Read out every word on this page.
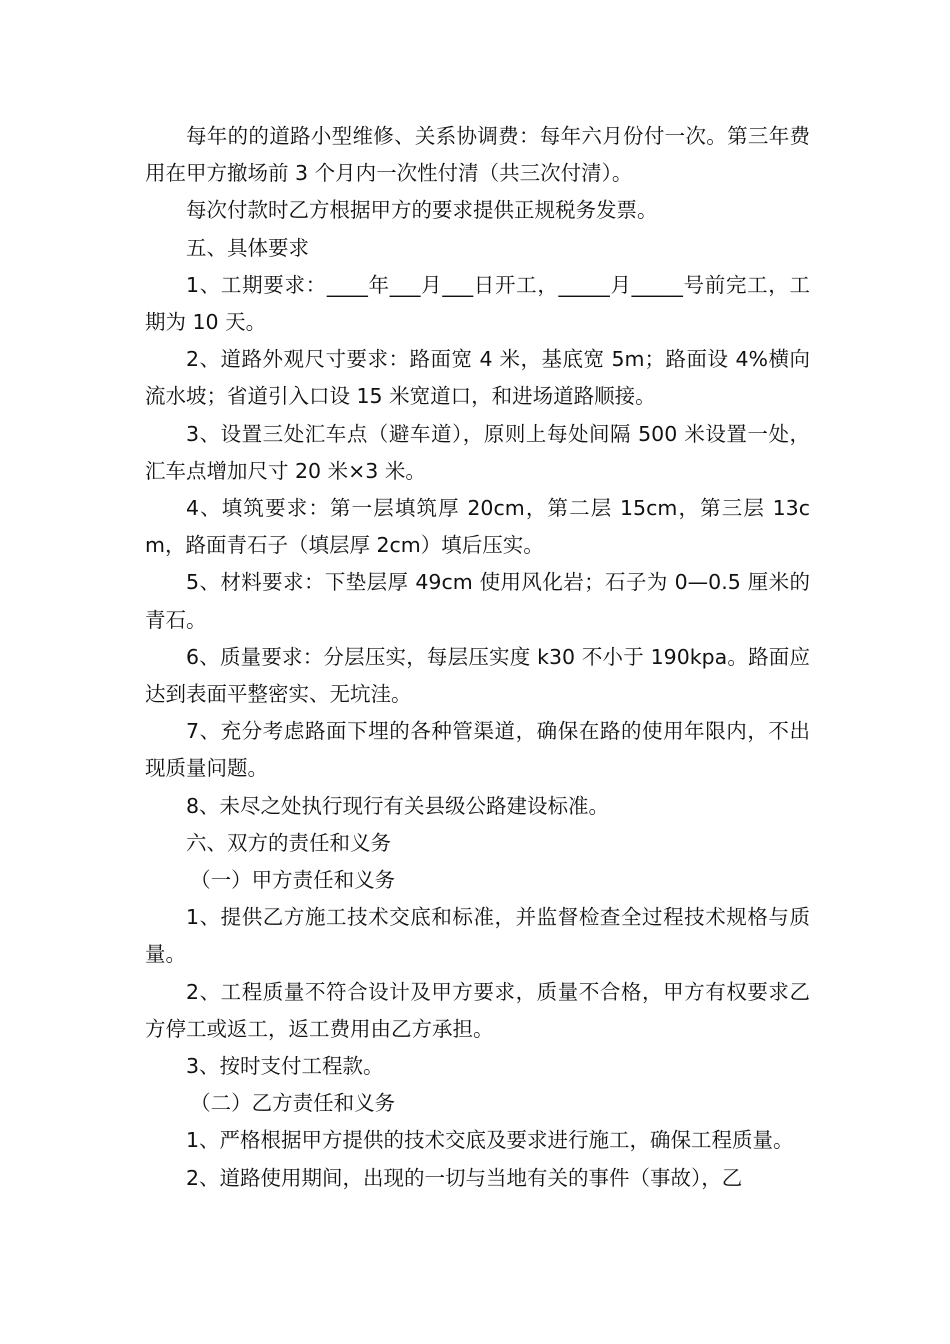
每年的的道路小型维修、关系协调费：每年六月份付一次。第三年费用在甲方撤场前 3 个月内一次性付清（共三次付清）。

每次付款时乙方根据甲方的要求提供正规税务发票。

五、具体要求

1、工期要求：____年___月___日开工，_____月_____号前完工，工期为 10 天。

2、道路外观尺寸要求：路面宽 4 米，基底宽 5m；路面设 4%横向流水坡；省道引入口设 15 米宽道口，和进场道路顺接。

3、设置三处汇车点（避车道），原则上每处间隔 500 米设置一处，汇车点增加尺寸 20 米×3 米。

4、填筑要求：第一层填筑厚 20cm，第二层 15cm，第三层 13cm，路面青石子（填层厚 2cm）填后压实。

5、材料要求：下垫层厚 49cm 使用风化岩；石子为 0—0.5 厘米的青石。

6、质量要求：分层压实，每层压实度 k30 不小于 190kpa。路面应达到表面平整密实、无坑洼。

7、充分考虑路面下埋的各种管渠道，确保在路的使用年限内，不出现质量问题。

8、未尽之处执行现行有关县级公路建设标准。

六、双方的责任和义务

（一）甲方责任和义务

1、提供乙方施工技术交底和标准，并监督检查全过程技术规格与质量。

2、工程质量不符合设计及甲方要求，质量不合格，甲方有权要求乙方停工或返工，返工费用由乙方承担。

3、按时支付工程款。

（二）乙方责任和义务

1、严格根据甲方提供的技术交底及要求进行施工，确保工程质量。

2、道路使用期间，出现的一切与当地有关的事件（事故），乙
